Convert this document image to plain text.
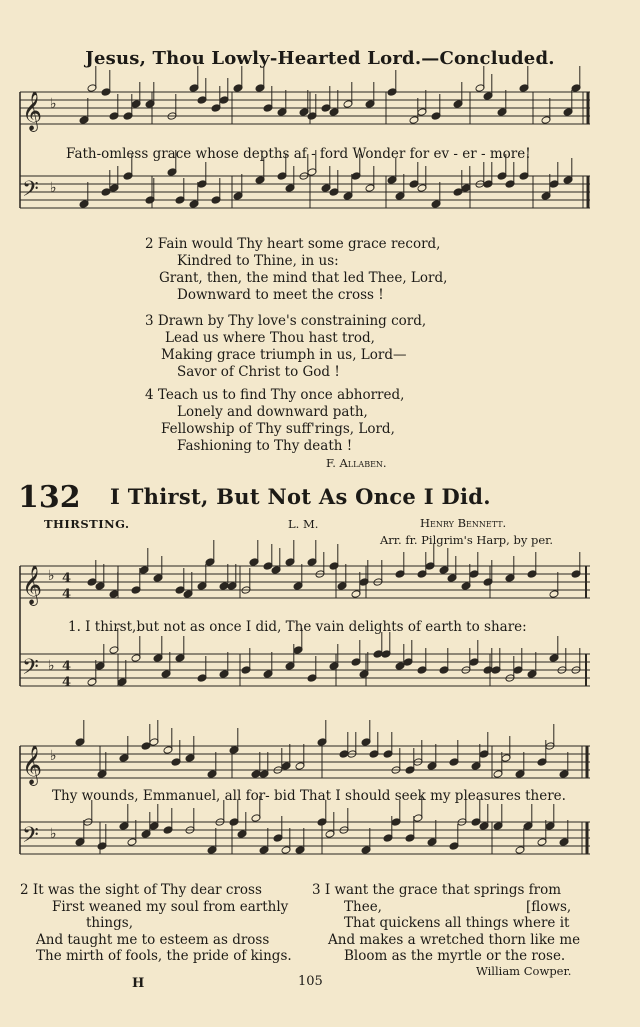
𝄞
𝄢
♭
♭
𝄞 ♭ 4
4
𝄢 ♭ 4
4
𝄞 ♭
𝄢 ♭
Jesus, Thou Lowly-Hearted Lord.—Concluded.
Fath-omless grace whose depths af - ford Wonder for ev - er - more!
2 Fain would Thy heart some grace record,
Kindred to Thine, in us:
Grant, then, the mind that led Thee, Lord,
Downward to meet the cross !
3 Drawn by Thy love's constraining cord,
Lead us where Thou hast trod,
Making grace triumph in us, Lord—
Savor of Christ to God !
4 Teach us to find Thy once abhorred,
Lonely and downward path,
Fellowship of Thy suff'rings, Lord,
Fashioning to Thy death !
F. Allaben.
132 I Thirst, But Not As Once I Did.
THIRSTING.	L. M.	Henry Bennett.
Arr. fr. Pilgrim's Harp, by per.
1. I thirst,but not as once I did, The vain delights of earth to share:
Thy wounds, Emmanuel, all for- bid That I should seek my pleasures there.
2 It was the sight of Thy dear cross
First weaned my soul from earthly
things,
And taught me to esteem as dross
The mirth of fools, the pride of kings.
3 I want the grace that springs from
Thee,	[flows,
That quickens all things where it
And makes a wretched thorn like me
Bloom as the myrtle or the rose.
William Cowper.
105
H
